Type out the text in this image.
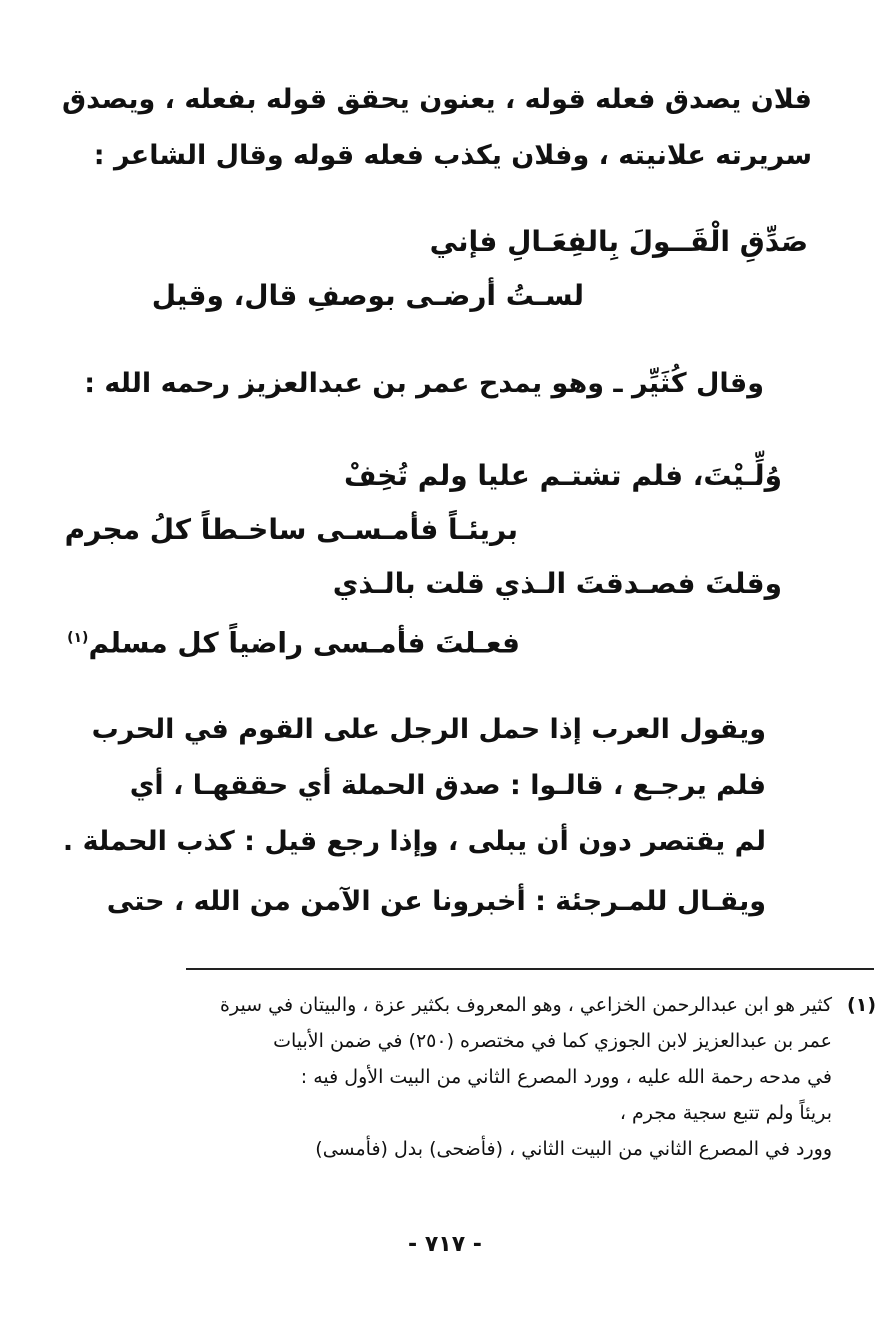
فلان يصدق فعله قوله ، يعنون يحقق قوله بفعله ، ويصدق
سريرته علانيته ، وفلان يكذب فعله قوله وقال الشاعر :
صَدِّقِ الْقَــولَ بِالفِعَـالِ فإني
لسـتُ أرضـى بوصفِ قال، وقيل
وقال كُثَيِّر ـ وهو يمدح عمر بن عبدالعزيز رحمه الله :
وُلِّـيْتَ، فلم تشتـم عليا ولم تُخِفْ
بريئـاً فأمـسـى ساخـطاً كلُ مجرم
وقلتَ فصـدقتَ الـذي قلت بالـذي
فعـلتَ فأمـسى راضياً كل مسلم$^{(١)}$
ويقول العرب إذا حمل الرجل على القوم في الحرب
فلم يرجـع ، قالـوا : صدق الحملة أي حققهـا ، أي
لم يقتصر دون أن يبلى ، وإذا رجع قيل : كذب الحملة .
ويقـال للمـرجئة : أخبرونا عن الآمن من الله ، حتى
(١)
كثير هو ابن عبدالرحمن الخزاعي ، وهو المعروف بكثير عزة ، والبيتان في سيرة
عمر بن عبدالعزيز لابن الجوزي كما في مختصره (٢٥٠) في ضمن الأبيات
في مدحه رحمة الله عليه ، وورد المصرع الثاني من البيت الأول فيه :
بريئاً ولم تتبع سجية مجرم ،
وورد في المصرع الثاني من البيت الثاني ، (فأضحى) بدل (فأمسى)
- ٧١٧ -
